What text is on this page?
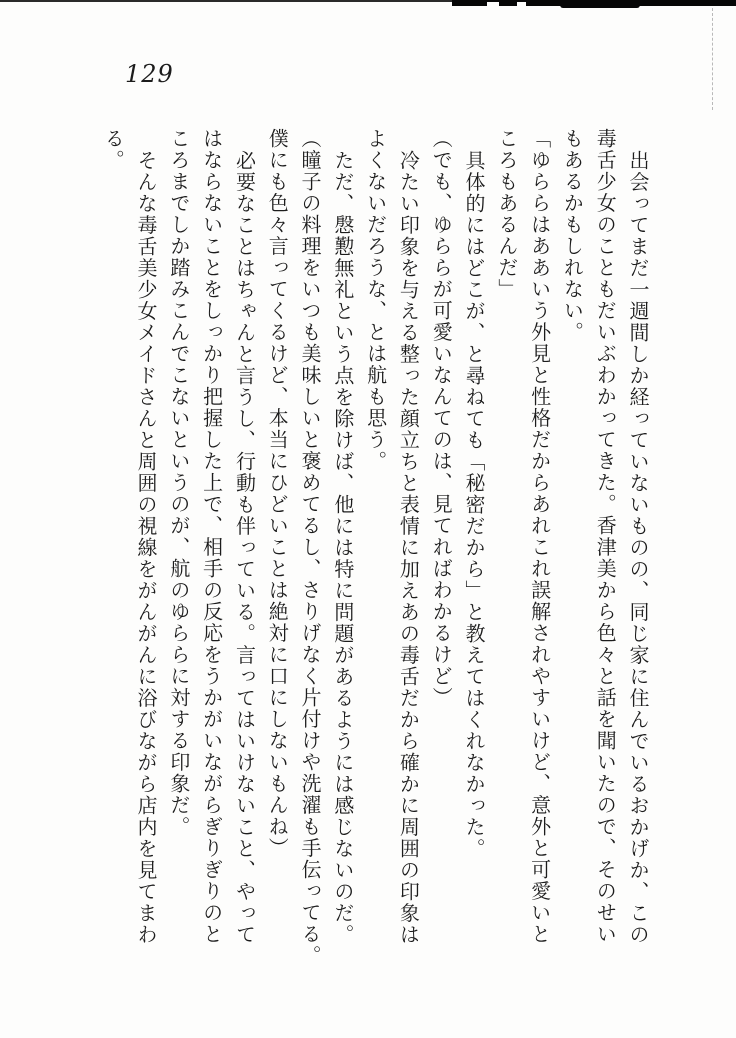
129
出会ってまだ一週間しか経っていないものの、同じ家に住んでいるおかげか、この
毒舌少女のこともだいぶわかってきた。香津美から色々と話を聞いたので、そのせい
もあるかもしれない。
「ゆららはああいう外見と性格だからあれこれ誤解されやすいけど、意外と可愛いと
ころもあるんだ」
具体的にはどこが、と尋ねても「秘密だから」と教えてはくれなかった。
（でも、ゆららが可愛いなんてのは、見てればわかるけど）
冷たい印象を与える整った顔立ちと表情に加えあの毒舌だから確かに周囲の印象は
よくないだろうな、とは航も思う。
ただ、慇懃無礼という点を除けば、他には特に問題があるようには感じないのだ。
（瞳子の料理をいつも美味しいと褒めてるし、さりげなく片付けや洗濯も手伝ってる。
僕にも色々言ってくるけど、本当にひどいことは絶対に口にしないもんね）
必要なことはちゃんと言うし、行動も伴っている。言ってはいけないこと、やって
はならないことをしっかり把握した上で、相手の反応をうかがいながらぎりぎりのと
ころまでしか踏みこんでこないというのが、航のゆららに対する印象だ。
そんな毒舌美少女メイドさんと周囲の視線をがんがんに浴びながら店内を見てまわ
る。
